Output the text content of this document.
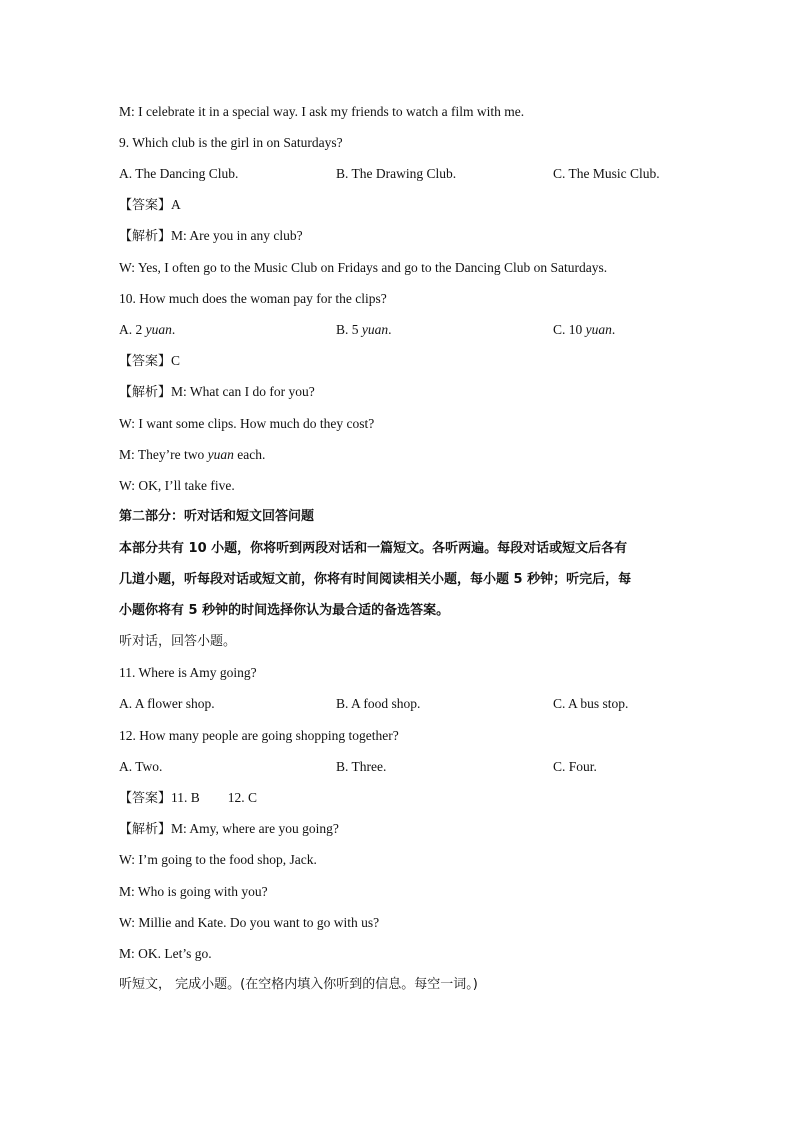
M: I celebrate it in a special way. I ask my friends to watch a film with me.
9. Which club is the girl in on Saturdays?
A. The Dancing Club.	B. The Drawing Club.	C. The Music Club.
【答案】A
【解析】M: Are you in any club?
W: Yes, I often go to the Music Club on Fridays and go to the Dancing Club on Saturdays.
10. How much does the woman pay for the clips?
A. 2 yuan.	B. 5 yuan.	C. 10 yuan.
【答案】C
【解析】M: What can I do for you?
W: I want some clips. How much do they cost?
M: They’re two yuan each.
W: OK, I’ll take five.
第二部分：听对话和短文回答问题
本部分共有 10 小题，你将听到两段对话和一篇短文。各听两遍。每段对话或短文后各有
几道小题，听每段对话或短文前，你将有时间阅读相关小题，每小题 5 秒钟；听完后，每
小题你将有 5 秒钟的时间选择你认为最合适的备选答案。
听对话，回答小题。
11. Where is Amy going?
A. A flower shop.	B. A food shop.	C. A bus stop.
12. How many people are going shopping together?
A. Two.	B. Three.	C. Four.
【答案】11. B 12. C
【解析】M: Amy, where are you going?
W: I’m going to the food shop, Jack.
M: Who is going with you?
W: Millie and Kate. Do you want to go with us?
M: OK. Let’s go.
听短文， 完成小题。(在空格内填入你听到的信息。每空一词。)
